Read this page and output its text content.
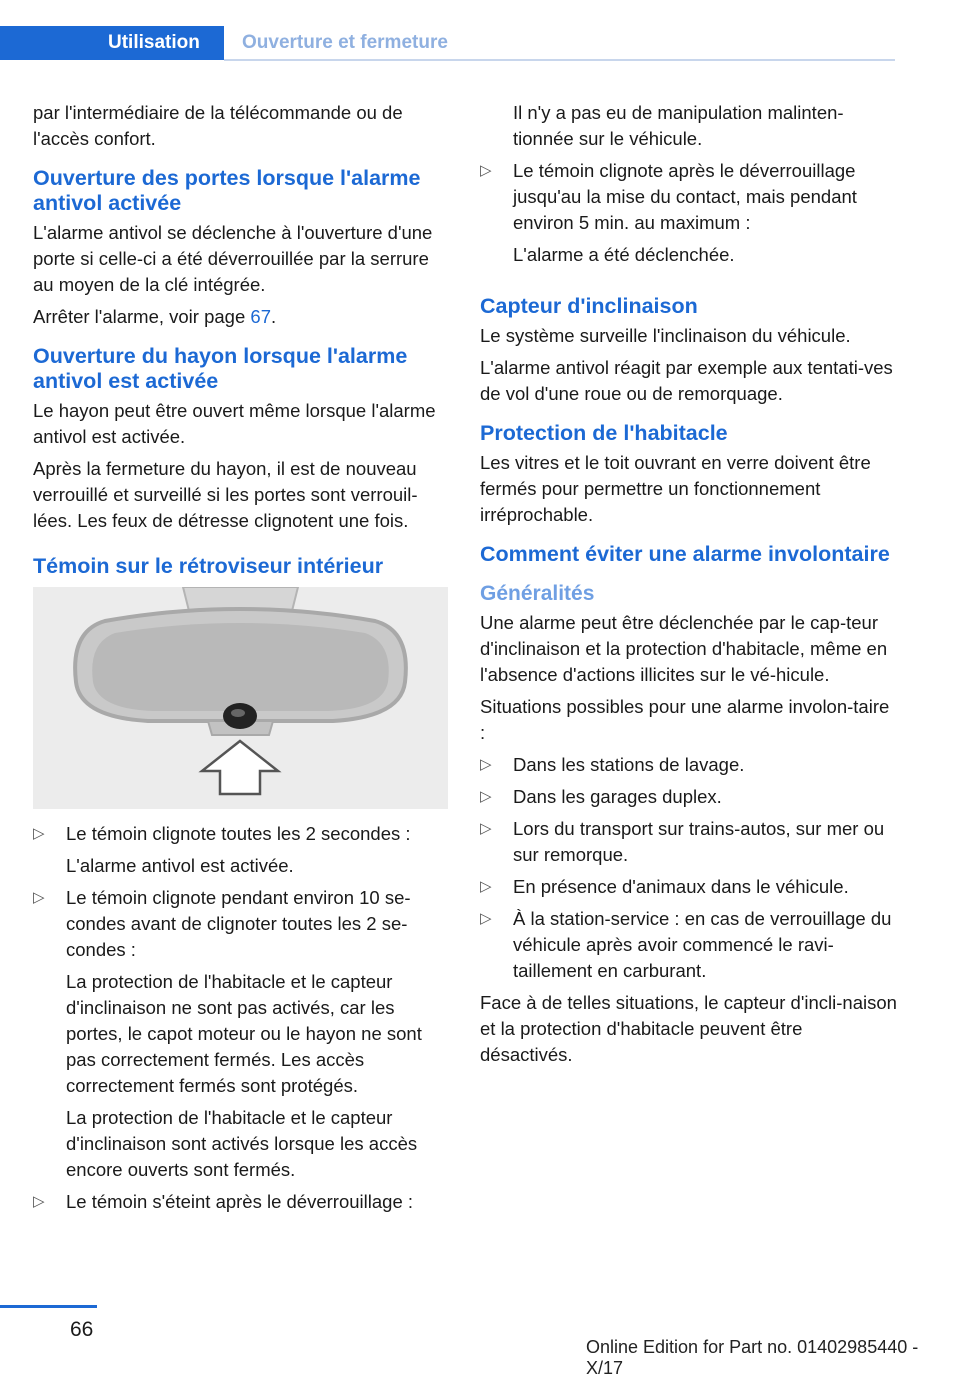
Utilisation	Ouverture et fermeture

par l'intermédiaire de la télécommande ou de l'accès confort.

Ouverture des portes lorsque l'alarme antivol activée

L'alarme antivol se déclenche à l'ouverture d'une porte si celle-ci a été déverrouillée par la serrure au moyen de la clé intégrée.

Arrêter l'alarme, voir page 67.

Ouverture du hayon lorsque l'alarme antivol est activée

Le hayon peut être ouvert même lorsque l'alarme antivol est activée.

Après la fermeture du hayon, il est de nouveau verrouillé et surveillé si les portes sont verrouil‐lées. Les feux de détresse clignotent une fois.

Témoin sur le rétroviseur intérieur
▷ Le témoin clignote toutes les 2 secondes :

L'alarme antivol est activée.

▷ Le témoin clignote pendant environ 10 se‐condes avant de clignoter toutes les 2 se‐condes :

La protection de l'habitacle et le capteur d'inclinaison ne sont pas activés, car les portes, le capot moteur ou le hayon ne sont pas correctement fermés. Les accès correctement fermés sont protégés.

La protection de l'habitacle et le capteur d'inclinaison sont activés lorsque les accès encore ouverts sont fermés.

▷ Le témoin s'éteint après le déverrouillage :

Il n'y a pas eu de manipulation malinten‐tionnée sur le véhicule.

▷ Le témoin clignote après le déverrouillage jusqu'au la mise du contact, mais pendant environ 5 min. au maximum :

L'alarme a été déclenchée.

Capteur d'inclinaison

Le système surveille l'inclinaison du véhicule.

L'alarme antivol réagit par exemple aux tentati‐ves de vol d'une roue ou de remorquage.

Protection de l'habitacle

Les vitres et le toit ouvrant en verre doivent être fermés pour permettre un fonctionnement irréprochable.

Comment éviter une alarme involontaire
Généralités

Une alarme peut être déclenchée par le cap‐teur d'inclinaison et la protection d'habitacle, même en l'absence d'actions illicites sur le vé‐hicule.

Situations possibles pour une alarme involon‐taire :

▷ Dans les stations de lavage.
▷ Dans les garages duplex.
▷ Lors du transport sur trains-autos, sur mer ou sur remorque.
▷ En présence d'animaux dans le véhicule.
▷ À la station-service : en cas de verrouillage du véhicule après avoir commencé le ravi‐taillement en carburant.

Face à de telles situations, le capteur d'incli‐naison et la protection d'habitacle peuvent être désactivés.

66
Online Edition for Part no. 01402985440 - X/17
